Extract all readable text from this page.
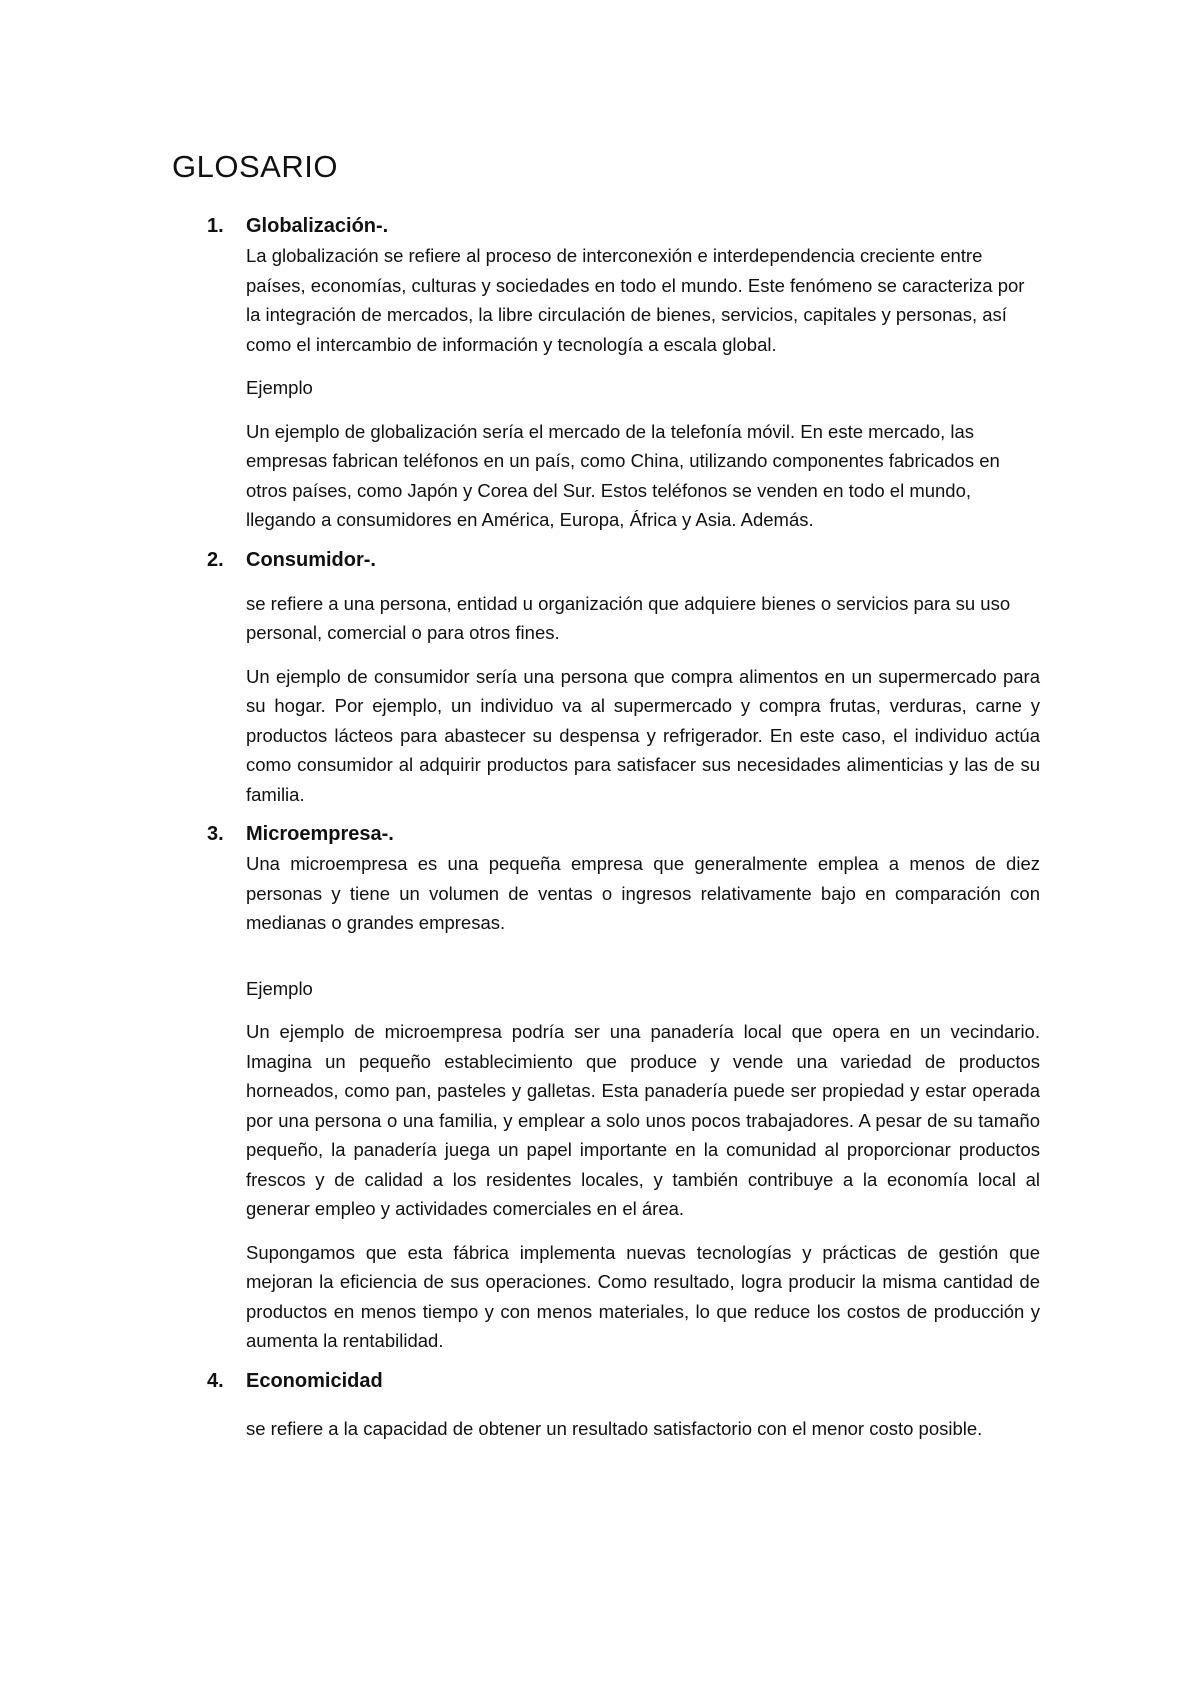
GLOSARIO
1. Globalización-.

La globalización se refiere al proceso de interconexión e interdependencia creciente entre países, economías, culturas y sociedades en todo el mundo. Este fenómeno se caracteriza por la integración de mercados, la libre circulación de bienes, servicios, capitales y personas, así como el intercambio de información y tecnología a escala global.

Ejemplo

Un ejemplo de globalización sería el mercado de la telefonía móvil. En este mercado, las empresas fabrican teléfonos en un país, como China, utilizando componentes fabricados en otros países, como Japón y Corea del Sur. Estos teléfonos se venden en todo el mundo, llegando a consumidores en América, Europa, África y Asia. Además.

2. Consumidor-.

se refiere a una persona, entidad u organización que adquiere bienes o servicios para su uso personal, comercial o para otros fines.

Un ejemplo de consumidor sería una persona que compra alimentos en un supermercado para su hogar. Por ejemplo, un individuo va al supermercado y compra frutas, verduras, carne y productos lácteos para abastecer su despensa y refrigerador. En este caso, el individuo actúa como consumidor al adquirir productos para satisfacer sus necesidades alimenticias y las de su familia.

3. Microempresa-.

Una microempresa es una pequeña empresa que generalmente emplea a menos de diez personas y tiene un volumen de ventas o ingresos relativamente bajo en comparación con medianas o grandes empresas.

Ejemplo

Un ejemplo de microempresa podría ser una panadería local que opera en un vecindario. Imagina un pequeño establecimiento que produce y vende una variedad de productos horneados, como pan, pasteles y galletas. Esta panadería puede ser propiedad y estar operada por una persona o una familia, y emplear a solo unos pocos trabajadores. A pesar de su tamaño pequeño, la panadería juega un papel importante en la comunidad al proporcionar productos frescos y de calidad a los residentes locales, y también contribuye a la economía local al generar empleo y actividades comerciales en el área.

Supongamos que esta fábrica implementa nuevas tecnologías y prácticas de gestión que mejoran la eficiencia de sus operaciones. Como resultado, logra producir la misma cantidad de productos en menos tiempo y con menos materiales, lo que reduce los costos de producción y aumenta la rentabilidad.

4. Economicidad

se refiere a la capacidad de obtener un resultado satisfactorio con el menor costo posible.
